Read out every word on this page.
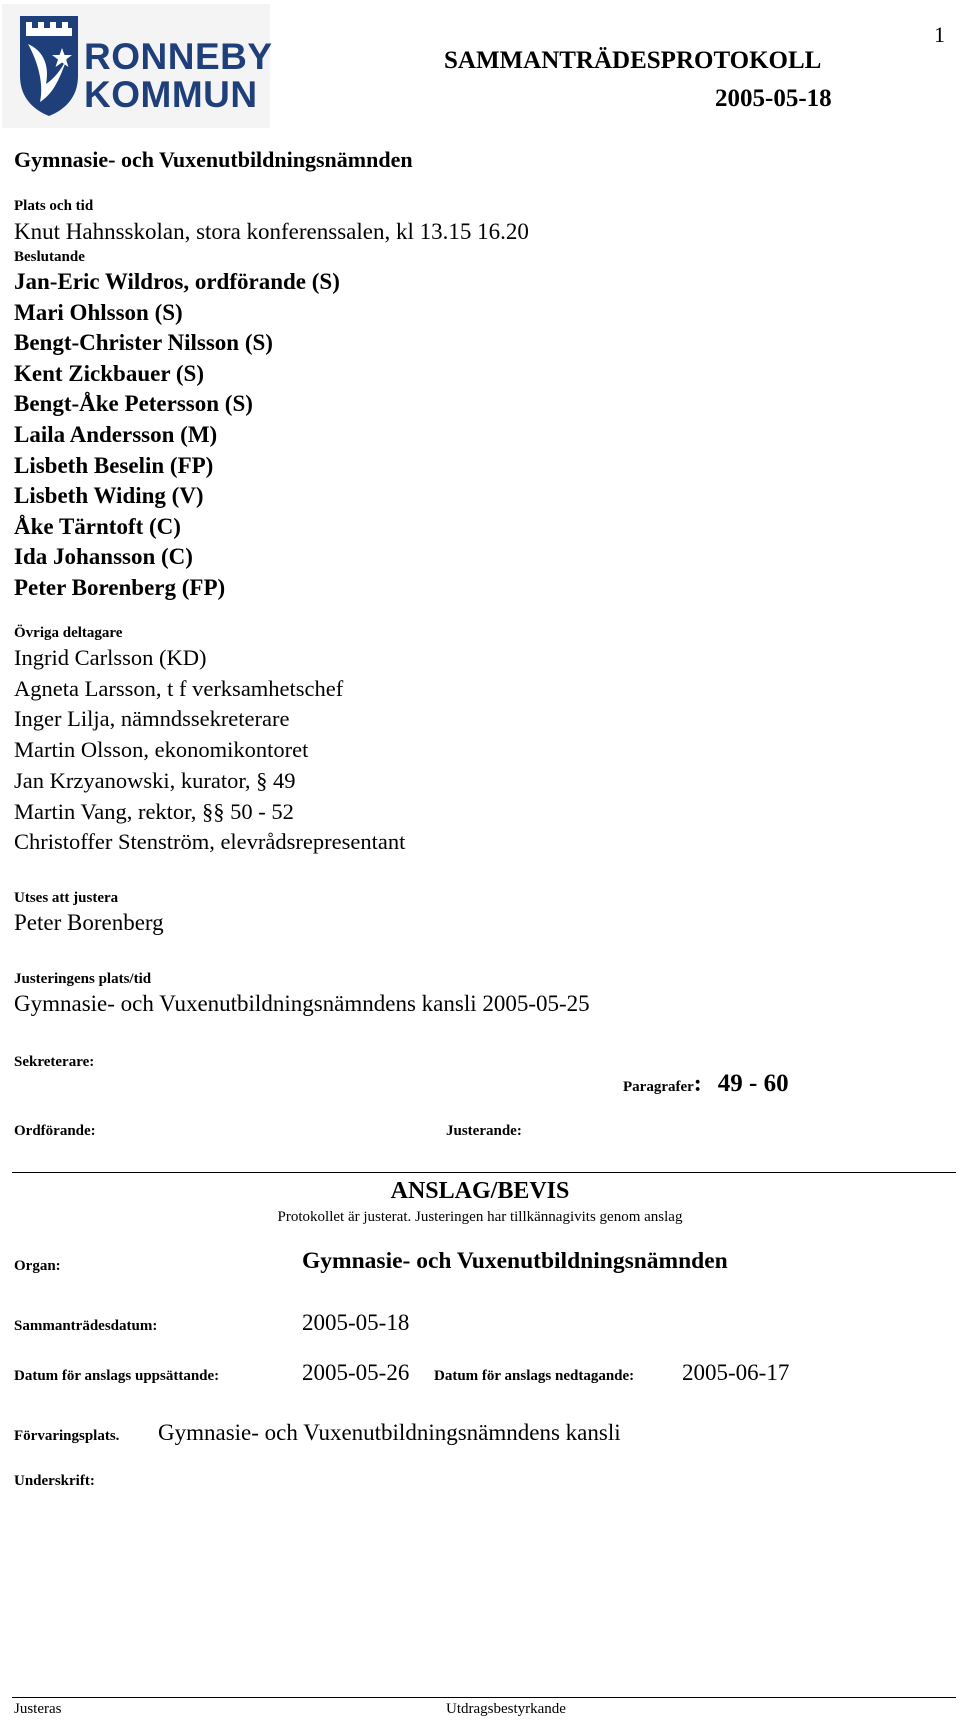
RONNEBY
KOMMUN
1
SAMMANTRÄDESPROTOKOLL
2005-05-18
Gymnasie- och Vuxenutbildningsnämnden
Plats och tid
Knut Hahnsskolan, stora konferenssalen, kl 13.15 16.20
Beslutande
Jan-Eric Wildros, ordförande (S)
Mari Ohlsson (S)
Bengt-Christer Nilsson (S)
Kent Zickbauer (S)
Bengt-Åke Petersson (S)
Laila Andersson (M)
Lisbeth Beselin (FP)
Lisbeth Widing (V)
Åke Tärntoft (C)
Ida Johansson (C)
Peter Borenberg (FP)
Övriga deltagare
Ingrid Carlsson (KD)
Agneta Larsson, t f verksamhetschef
Inger Lilja, nämndssekreterare
Martin Olsson, ekonomikontoret
Jan Krzyanowski, kurator, § 49
Martin Vang, rektor, §§ 50 - 52
Christoffer Stenström, elevrådsrepresentant
Utses att justera
Peter Borenberg
Justeringens plats/tid
Gymnasie- och Vuxenutbildningsnämndens kansli 2005-05-25
Sekreterare:
Paragrafer: 49 - 60
Ordförande:	Justerande:
ANSLAG/BEVIS
Protokollet är justerat. Justeringen har tillkännagivits genom anslag
Organ:	Gymnasie- och Vuxenutbildningsnämnden
Sammanträdesdatum:	2005-05-18
Datum för anslags uppsättande:	2005-05-26 Datum för anslags nedtagande: 2005-06-17
Förvaringsplats. Gymnasie- och Vuxenutbildningsnämndens kansli
Underskrift:
Justeras	Utdragsbestyrkande
